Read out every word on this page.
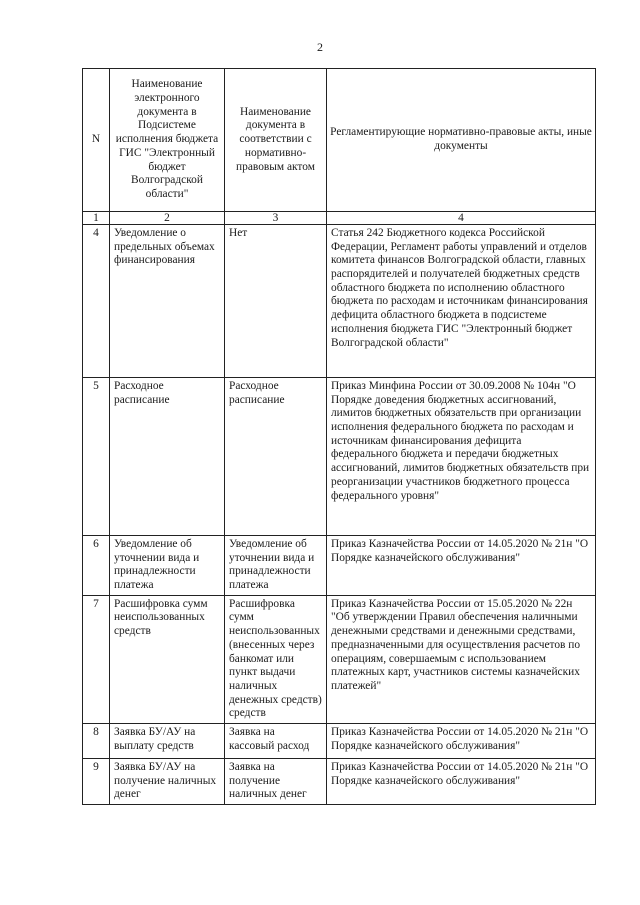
2
N	Наименование электронного документа в Подсистеме исполнения бюджета ГИС "Электронный бюджет Волгоградской области"	Наименование документа в соответствии с нормативно-правовым актом	Регламентирующие нормативно-правовые акты, иные документы
1	2	3	4
4	Уведомление о предельных объемах финансирования	Нет	Статья 242 Бюджетного кодекса Российской Федерации, Регламент работы управлений и отделов комитета финансов Волгоградской области, главных распорядителей и получателей бюджетных средств областного бюджета по исполнению областного бюджета по расходам и источникам финансирования дефицита областного бюджета в подсистеме исполнения бюджета ГИС "Электронный бюджет Волгоградской области"
5	Расходное расписание	Расходное расписание	Приказ Минфина России от 30.09.2008 № 104н "О Порядке доведения бюджетных ассигнований, лимитов бюджетных обязательств при организации исполнения федерального бюджета по расходам и источникам финансирования дефицита федерального бюджета и передачи бюджетных ассигнований, лимитов бюджетных обязательств при реорганизации участников бюджетного процесса федерального уровня"
6	Уведомление об уточнении вида и принадлежности платежа	Уведомление об уточнении вида и принадлежности платежа	Приказ Казначейства России от 14.05.2020 № 21н "О Порядке казначейского обслуживания"
7	Расшифровка сумм неиспользованных средств	Расшифровка сумм неиспользованных (внесенных через банкомат или пункт выдачи наличных денежных средств) средств	Приказ Казначейства России от 15.05.2020 № 22н "Об утверждении Правил обеспечения наличными денежными средствами и денежными средствами, предназначенными для осуществления расчетов по операциям, совершаемым с использованием платежных карт, участников системы казначейских платежей"
8	Заявка БУ/АУ на выплату средств	Заявка на кассовый расход	Приказ Казначейства России от 14.05.2020 № 21н "О Порядке казначейского обслуживания"
9	Заявка БУ/АУ на получение наличных денег	Заявка на получение наличных денег	Приказ Казначейства России от 14.05.2020 № 21н "О Порядке казначейского обслуживания"
